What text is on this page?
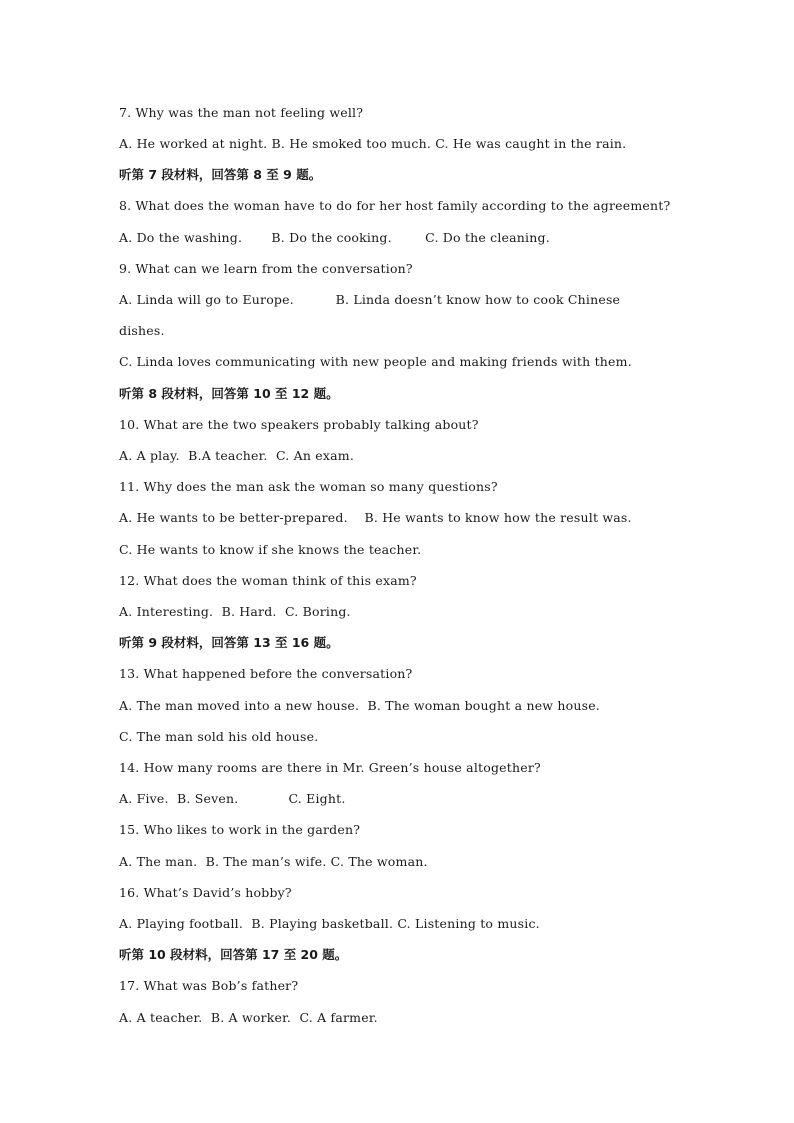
7. Why was the man not feeling well?
A. He worked at night. B. He smoked too much. C. He was caught in the rain.
听第 7 段材料，回答第 8 至 9 题。
8. What does the woman have to do for her host family according to the agreement?
A. Do the washing.       B. Do the cooking.        C. Do the cleaning.
9. What can we learn from the conversation?
A. Linda will go to Europe.          B. Linda doesn’t know how to cook Chinese
dishes.
C. Linda loves communicating with new people and making friends with them.
听第 8 段材料，回答第 10 至 12 题。
10. What are the two speakers probably talking about?
A. A play.  B.A teacher.  C. An exam.
11. Why does the man ask the woman so many questions?
A. He wants to be better-prepared.    B. He wants to know how the result was.
C. He wants to know if she knows the teacher.
12. What does the woman think of this exam?
A. Interesting.  B. Hard.  C. Boring.
听第 9 段材料，回答第 13 至 16 题。
13. What happened before the conversation?
A. The man moved into a new house.  B. The woman bought a new house.
C. The man sold his old house.
14. How many rooms are there in Mr. Green’s house altogether?
A. Five.  B. Seven.            C. Eight.
15. Who likes to work in the garden?
A. The man.  B. The man’s wife. C. The woman.
16. What’s David’s hobby?
A. Playing football.  B. Playing basketball. C. Listening to music.
听第 10 段材料，回答第 17 至 20 题。
17. What was Bob’s father?
A. A teacher.  B. A worker.  C. A farmer.
